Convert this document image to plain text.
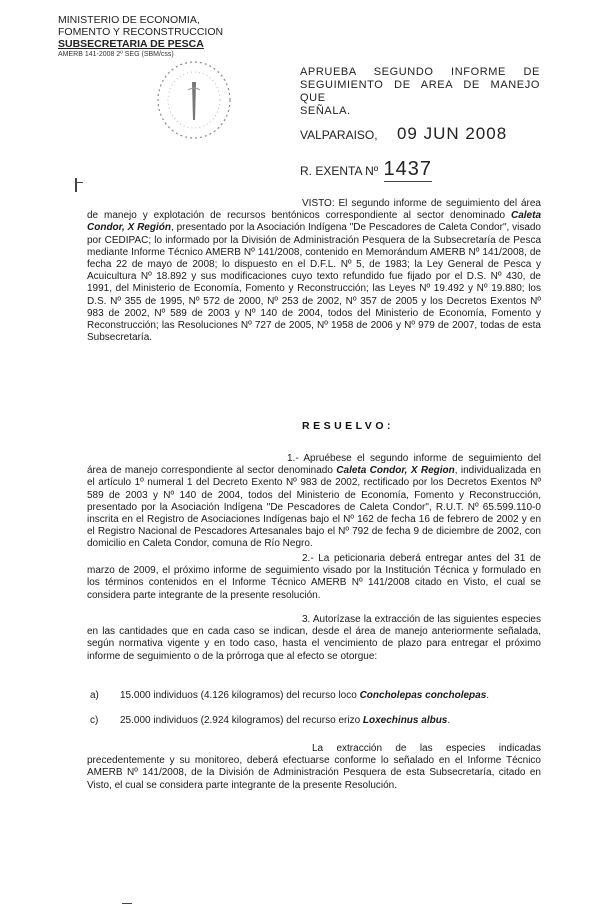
MINISTERIO DE ECONOMIA,
FOMENTO Y RECONSTRUCCION
SUBSECRETARIA DE PESCA
AMERB 141-2008 2º SEG (SBM/css)
APRUEBA SEGUNDO INFORME DE
SEGUIMIENTO DE AREA DE MANEJO QUE
SEÑALA.
VALPARAISO, 09 JUN 2008
R. EXENTA Nº 1437

VISTO: El segundo informe de seguimiento del área de manejo y explotación de recursos bentónicos correspondiente al sector denominado Caleta Condor, X Región, presentado por la Asociación Indígena "De Pescadores de Caleta Condor", visado por CEDIPAC; lo informado por la División de Administración Pesquera de la Subsecretaría de Pesca mediante Informe Técnico AMERB Nº 141/2008, contenido en Memorándum AMERB Nº 141/2008, de fecha 22 de mayo de 2008; lo dispuesto en el D.F.L. Nº 5, de 1983; la Ley General de Pesca y Acuicultura Nº 18.892 y sus modificaciones cuyo texto refundido fue fijado por el D.S. Nº 430, de 1991, del Ministerio de Economía, Fomento y Reconstrucción; las Leyes Nº 19.492 y Nº 19.880; los D.S. Nº 355 de 1995, Nº 572 de 2000, Nº 253 de 2002, Nº 357 de 2005 y los Decretos Exentos Nº 983 de 2002, Nº 589 de 2003 y Nº 140 de 2004, todos del Ministerio de Economía, Fomento y Reconstrucción; las Resoluciones Nº 727 de 2005, Nº 1958 de 2006 y Nº 979 de 2007, todas de esta Subsecretaría.

RESUELVO:

1.- Apruébese el segundo informe de seguimiento del área de manejo correspondiente al sector denominado Caleta Condor, X Region, individualizada en el artículo 1º numeral 1 del Decreto Exento Nº 983 de 2002, rectificado por los Decretos Exentos Nº 589 de 2003 y Nº 140 de 2004, todos del Ministerio de Economía, Fomento y Reconstrucción, presentado por la Asociación Indígena "De Pescadores de Caleta Condor", R.U.T. Nº 65.599.110-0 inscrita en el Registro de Asociaciones Indígenas bajo el Nº 162 de fecha 16 de febrero de 2002 y en el Registro Nacional de Pescadores Artesanales bajo el Nº 792 de fecha 9 de diciembre de 2002, con domicilio en Caleta Condor, comuna de Río Negro.

2.- La peticionaria deberá entregar antes del 31 de marzo de 2009, el próximo informe de seguimiento visado por la Institución Técnica y formulado en los términos contenidos en el Informe Técnico AMERB Nº 141/2008 citado en Visto, el cual se considera parte integrante de la presente resolución.

3. Autorízase la extracción de las siguientes especies en las cantidades que en cada caso se indican, desde el área de manejo anteriormente señalada, según normativa vigente y en todo caso, hasta el vencimiento de plazo para entregar el próximo informe de seguimiento o de la prórroga que al efecto se otorgue:

a) 15.000 individuos (4.126 kilogramos) del recurso loco Concholepas concholepas.
c) 25.000 individuos (2.924 kilogramos) del recurso erizo Loxechinus albus.

La extracción de las especies indicadas precedentemente y su monitoreo, deberá efectuarse conforme lo señalado en el Informe Técnico AMERB Nº 141/2008, de la División de Administración Pesquera de esta Subsecretaría, citado en Visto, el cual se considera parte integrante de la presente Resolución.
